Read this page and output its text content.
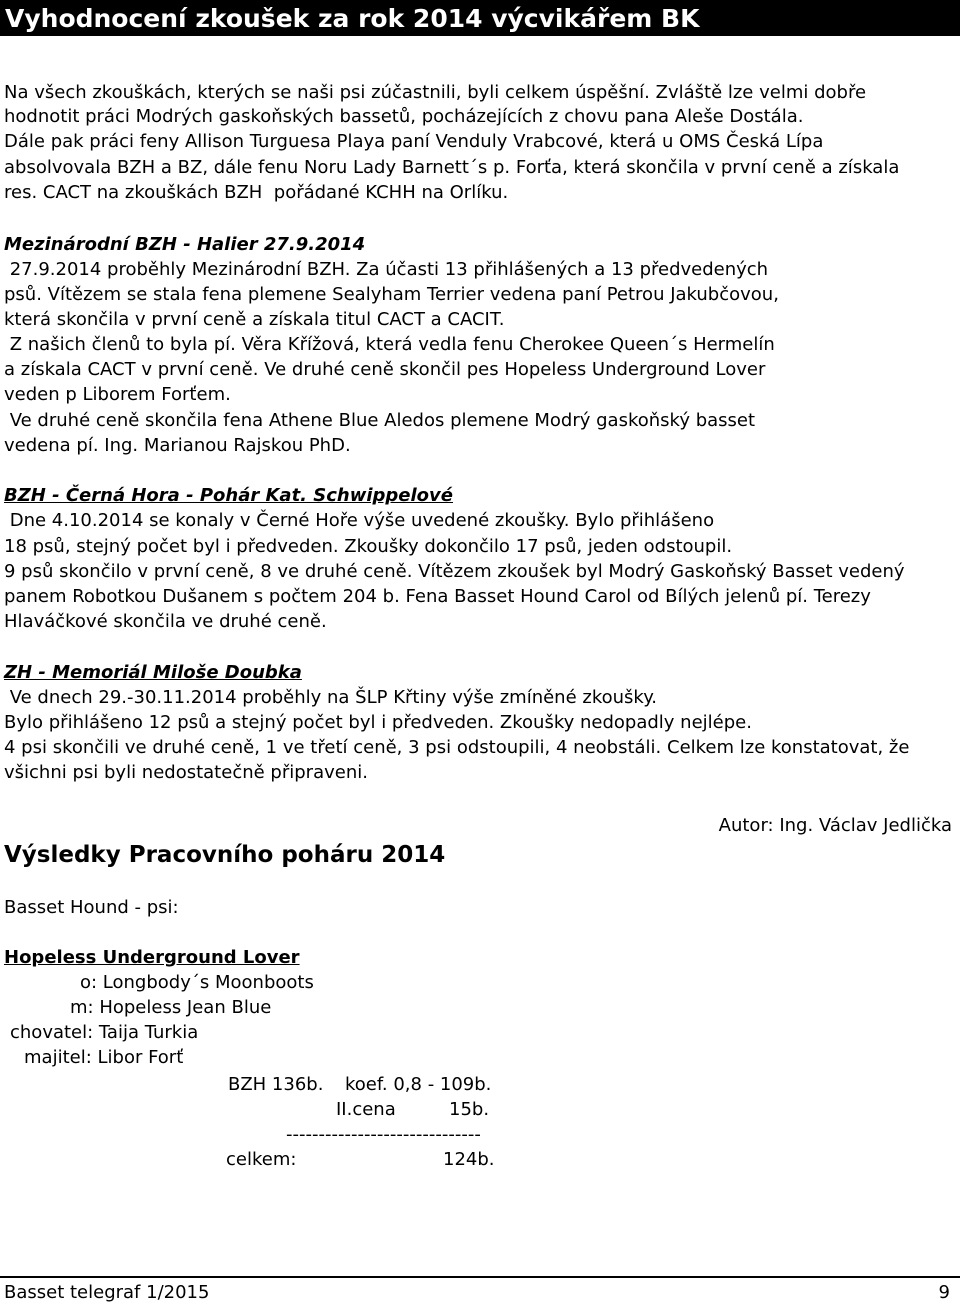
Vyhodnocení zkoušek za rok 2014 výcvikářem BK
Na všech zkouškách, kterých se naši psi zúčastnili, byli celkem úspěšní. Zvláště lze velmi dobře
hodnotit práci Modrých gaskoňských bassetů, pocházejících z chovu pana Aleše Dostála.
Dále pak práci feny Allison Turguesa Playa paní Venduly Vrabcové, která u OMS Česká Lípa
absolvovala BZH a BZ, dále fenu Noru Lady Barnett´s p. Forťa, která skončila v první ceně a získala
res. CACT na zkouškách BZH  pořádané KCHH na Orlíku.
Mezinárodní BZH - Halier 27.9.2014
27.9.2014 proběhly Mezinárodní BZH. Za účasti 13 přihlášených a 13 předvedených
psů. Vítězem se stala fena plemene Sealyham Terrier vedena paní Petrou Jakubčovou,
která skončila v první ceně a získala titul CACT a CACIT.
Z našich členů to byla pí. Věra Křížová, která vedla fenu Cherokee Queen´s Hermelín
a získala CACT v první ceně. Ve druhé ceně skončil pes Hopeless Underground Lover
veden p Liborem Forťem.
Ve druhé ceně skončila fena Athene Blue Aledos plemene Modrý gaskoňský basset
vedena pí. Ing. Marianou Rajskou PhD.
BZH - Černá Hora - Pohár Kat. Schwippelové
Dne 4.10.2014 se konaly v Černé Hoře výše uvedené zkoušky. Bylo přihlášeno
18 psů, stejný počet byl i předveden. Zkoušky dokončilo 17 psů, jeden odstoupil.
9 psů skončilo v první ceně, 8 ve druhé ceně. Vítězem zkoušek byl Modrý Gaskoňský Basset vedený
panem Robotkou Dušanem s počtem 204 b. Fena Basset Hound Carol od Bílých jelenů pí. Terezy
Hlaváčkové skončila ve druhé ceně.
ZH - Memoriál Miloše Doubka
Ve dnech 29.-30.11.2014 proběhly na ŠLP Křtiny výše zmíněné zkoušky.
Bylo přihlášeno 12 psů a stejný počet byl i předveden. Zkoušky nedopadly nejlépe.
4 psi skončili ve druhé ceně, 1 ve třetí ceně, 3 psi odstoupili, 4 neobstáli. Celkem lze konstatovat, že
všichni psi byli nedostatečně připraveni.
Autor: Ing. Václav Jedlička
Výsledky Pracovního poháru 2014
Basset Hound - psi:
Hopeless Underground Lover
o: Longbody´s Moonboots
m: Hopeless Jean Blue
chovatel: Taija Turkia
majitel: Libor Forť
BZH 136b. koef. 0,8 - 109b.
II.cena	15b.
------------------------------
celkem:	124b.
Basset telegraf 1/2015	9
